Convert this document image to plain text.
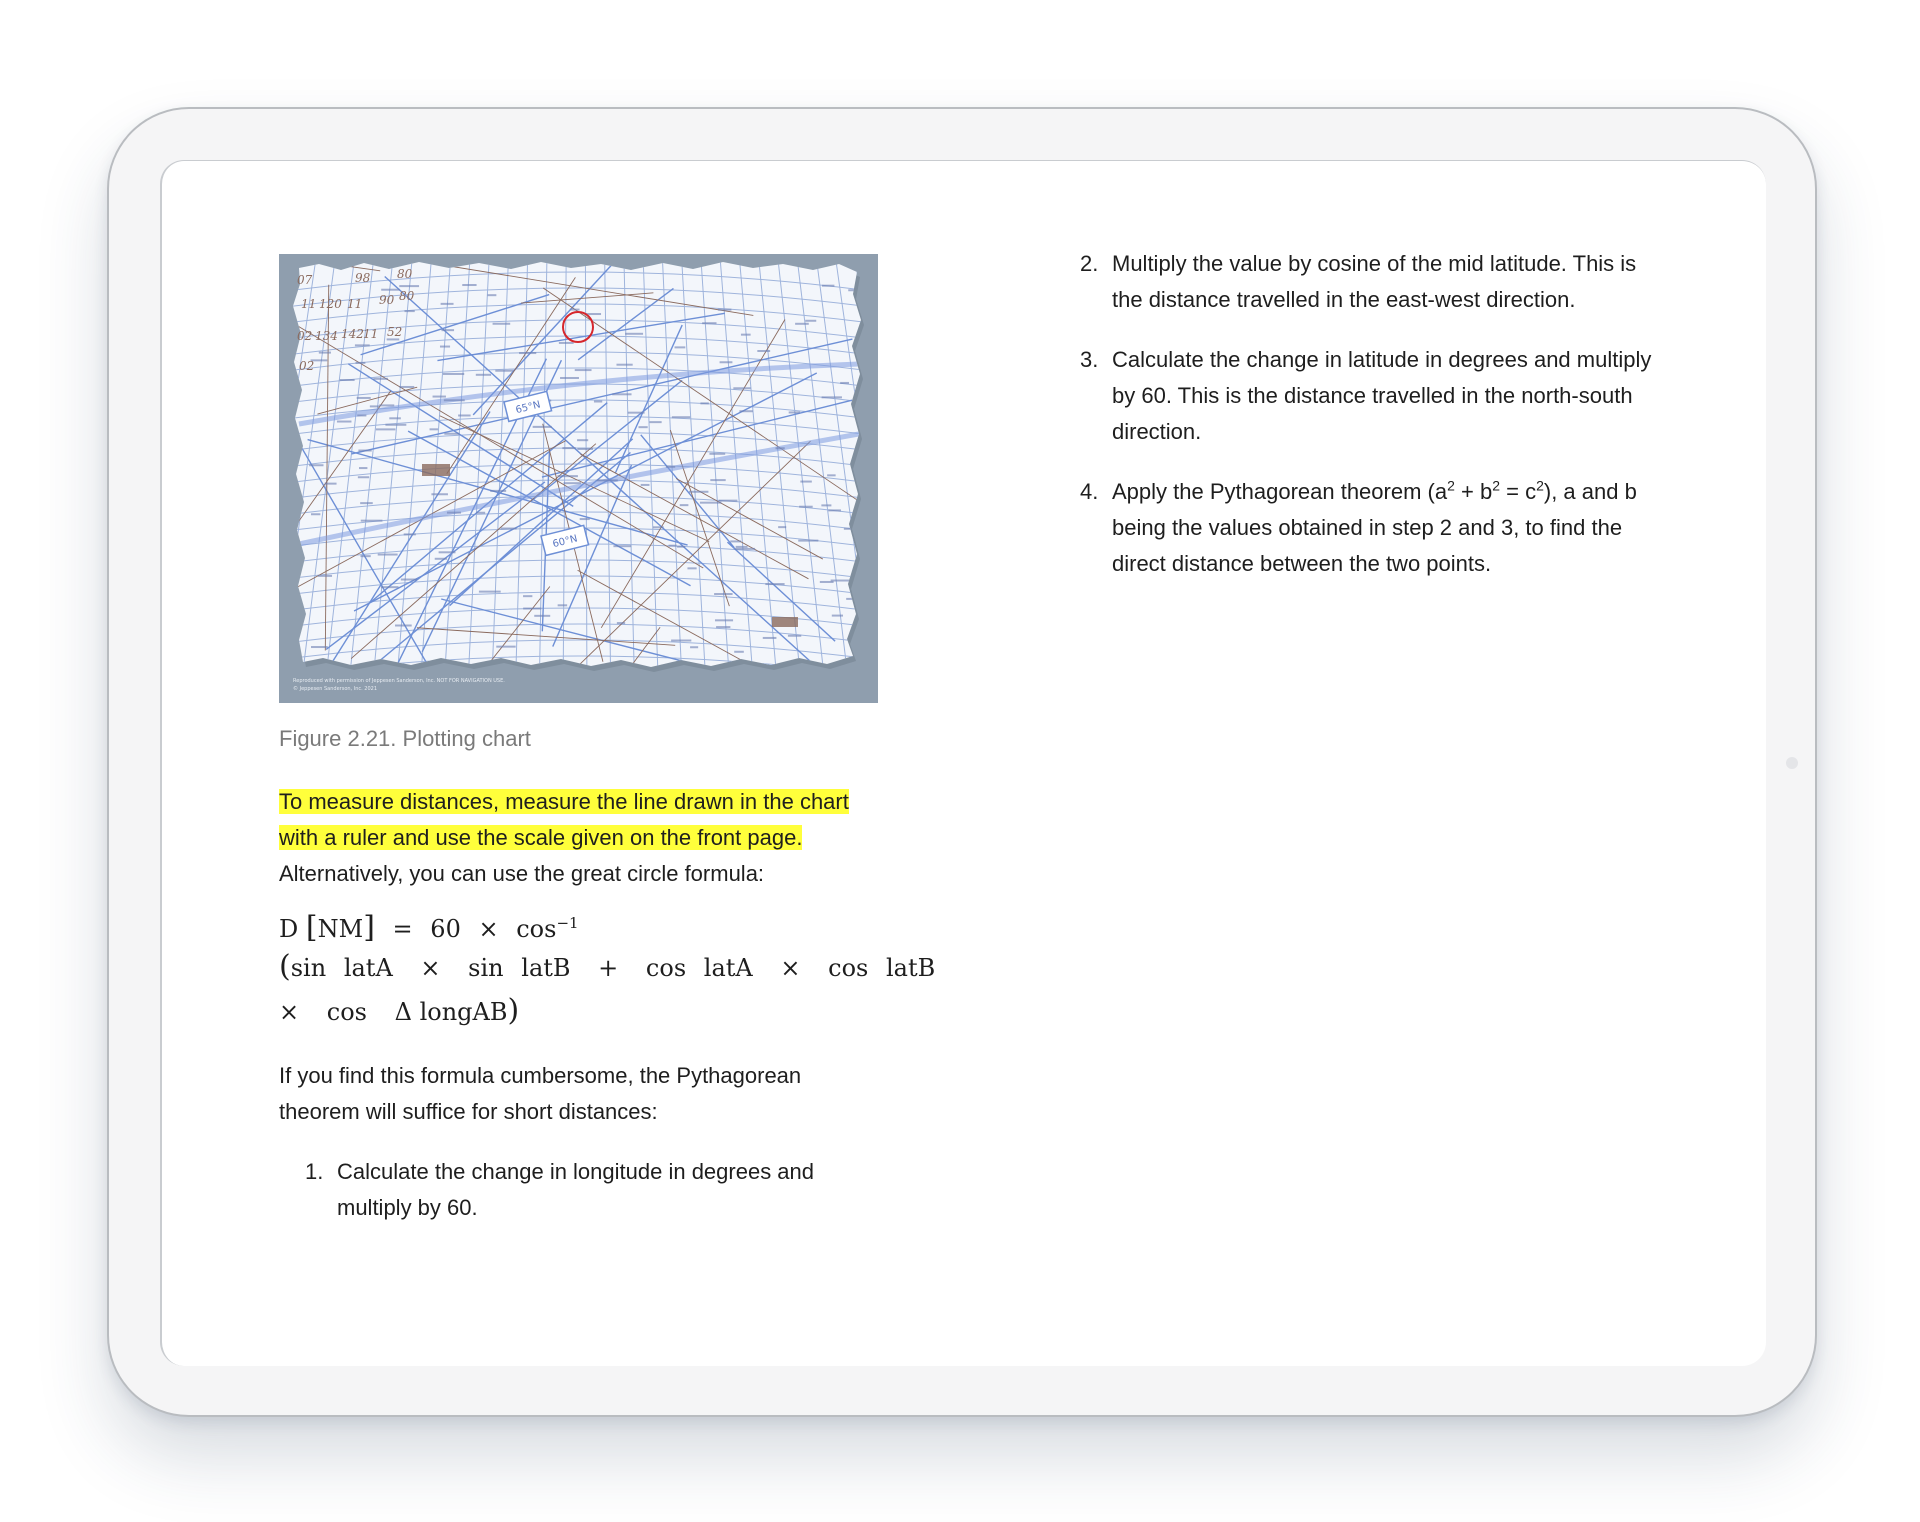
07	98 80
11 120 11 90 80
02 134 142 11 52
02
65°N
60°N
Reproduced with permission of Jeppesen Sanderson, Inc. NOT FOR NAVIGATION USE.
© Jeppesen Sanderson, Inc. 2021
Figure 2.21. Plotting chart
To measure distances, measure the line drawn in the chart with a ruler and use the scale given on the front page. Alternatively, you can use the great circle formula:
D $[NM] = 60 \times \cos^{-1}$
(sin latA × sin latB + cos latA × cos latB
× cos Δ longAB)
If you find this formula cumbersome, the Pythagorean theorem will suffice for short distances:
1. Calculate the change in longitude in degrees and multiply by 60.
2. Multiply the value by cosine of the mid latitude. This is the distance travelled in the east-west direction.
3. Calculate the change in latitude in degrees and multiply by 60. This is the distance travelled in the north-south direction.
4. Apply the Pythagorean theorem $(a^2 + b^2 = c^2)$, a and b being the values obtained in step 2 and 3, to find the direct distance between the two points.
